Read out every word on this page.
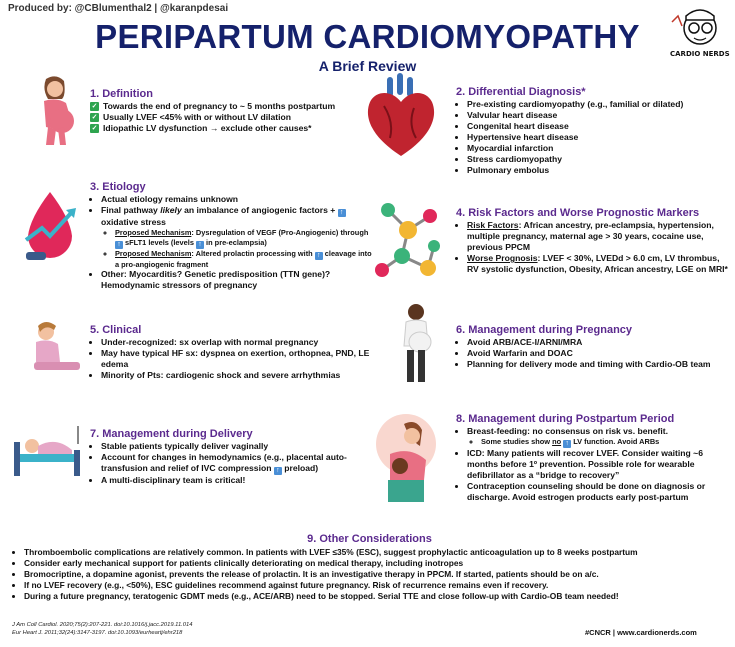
Produced by: @CBlumenthal2 | @karanpdesai
PERIPARTUM CARDIOMYOPATHY
A Brief Review
CARDIO NERDS
1. Definition
✓ Towards the end of pregnancy to ~ 5 months postpartum
✓ Usually LVEF <45% with or without LV dilation
✓ Idiopathic LV dysfunction → exclude other causes*
2. Differential Diagnosis*
• Pre-existing cardiomyopathy (e.g., familial or dilated)
• Valvular heart disease
• Congenital heart disease
• Hypertensive heart disease
• Myocardial infarction
• Stress cardiomyopathy
• Pulmonary embolus
3. Etiology
• Actual etiology remains unknown
• Final pathway likely an imbalance of angiogenic factors + ↑ oxidative stress
◦ Proposed Mechanism: Dysregulation of VEGF (Pro-Angiogenic) through ↑ sFLT1 levels (levels ↑ in pre-eclampsia)
◦ Proposed Mechanism: Altered prolactin processing with ↑ cleavage into a pro-angiogenic fragment
• Other: Myocarditis? Genetic predisposition (TTN gene)? Hemodynamic stressors of pregnancy
4. Risk Factors and Worse Prognostic Markers
• Risk Factors: African ancestry, pre-eclampsia, hypertension, multiple pregnancy, maternal age > 30 years, cocaine use, previous PPCM
• Worse Prognosis: LVEF < 30%, LVEDd > 6.0 cm, LV thrombus, RV systolic dysfunction, Obesity, African ancestry, LGE on MRI*
5. Clinical
• Under-recognized: sx overlap with normal pregnancy
• May have typical HF sx: dyspnea on exertion, orthopnea, PND, LE edema
• Minority of Pts: cardiogenic shock and severe arrhythmias
6. Management during Pregnancy
• Avoid ARB/ACE-I/ARNI/MRA
• Avoid Warfarin and DOAC
• Planning for delivery mode and timing with Cardio-OB team
7. Management during Delivery
• Stable patients typically deliver vaginally
• Account for changes in hemodynamics (e.g., placental auto-transfusion and relief of IVC compression ↑ preload)
• A multi-disciplinary team is critical!
8. Management during Postpartum Period
• Breast-feeding: no consensus on risk vs. benefit.
◦ Some studies show no ↑ LV function. Avoid ARBs
• ICD: Many patients will recover LVEF. Consider waiting ~6 months before 1º prevention. Possible role for wearable defibrillator as a “bridge to recovery”
• Contraception counseling should be done on diagnosis or discharge. Avoid estrogen products early post-partum
9. Other Considerations
• Thromboembolic complications are relatively common. In patients with LVEF ≤35% (ESC), suggest prophylactic anticoagulation up to 8 weeks postpartum
• Consider early mechanical support for patients clinically deteriorating on medical therapy, including inotropes
• Bromocriptine, a dopamine agonist, prevents the release of prolactin. It is an investigative therapy in PPCM. If started, patients should be on a/c.
• If no LVEF recovery (e.g., <50%), ESC guidelines recommend against future pregnancy. Risk of recurrence remains even if recovery.
• During a future pregnancy, teratogenic GDMT meds (e.g., ACE/ARB) need to be stopped. Serial TTE and close follow-up with Cardio-OB team needed!
J Am Coll Cardiol. 2020;75(2):207-221. doi:10.1016/j.jacc.2019.11.014
Eur Heart J. 2011;32(24):3147-3197. doi:10.1093/eurheartj/ehr218	#CNCR | www.cardionerds.com
